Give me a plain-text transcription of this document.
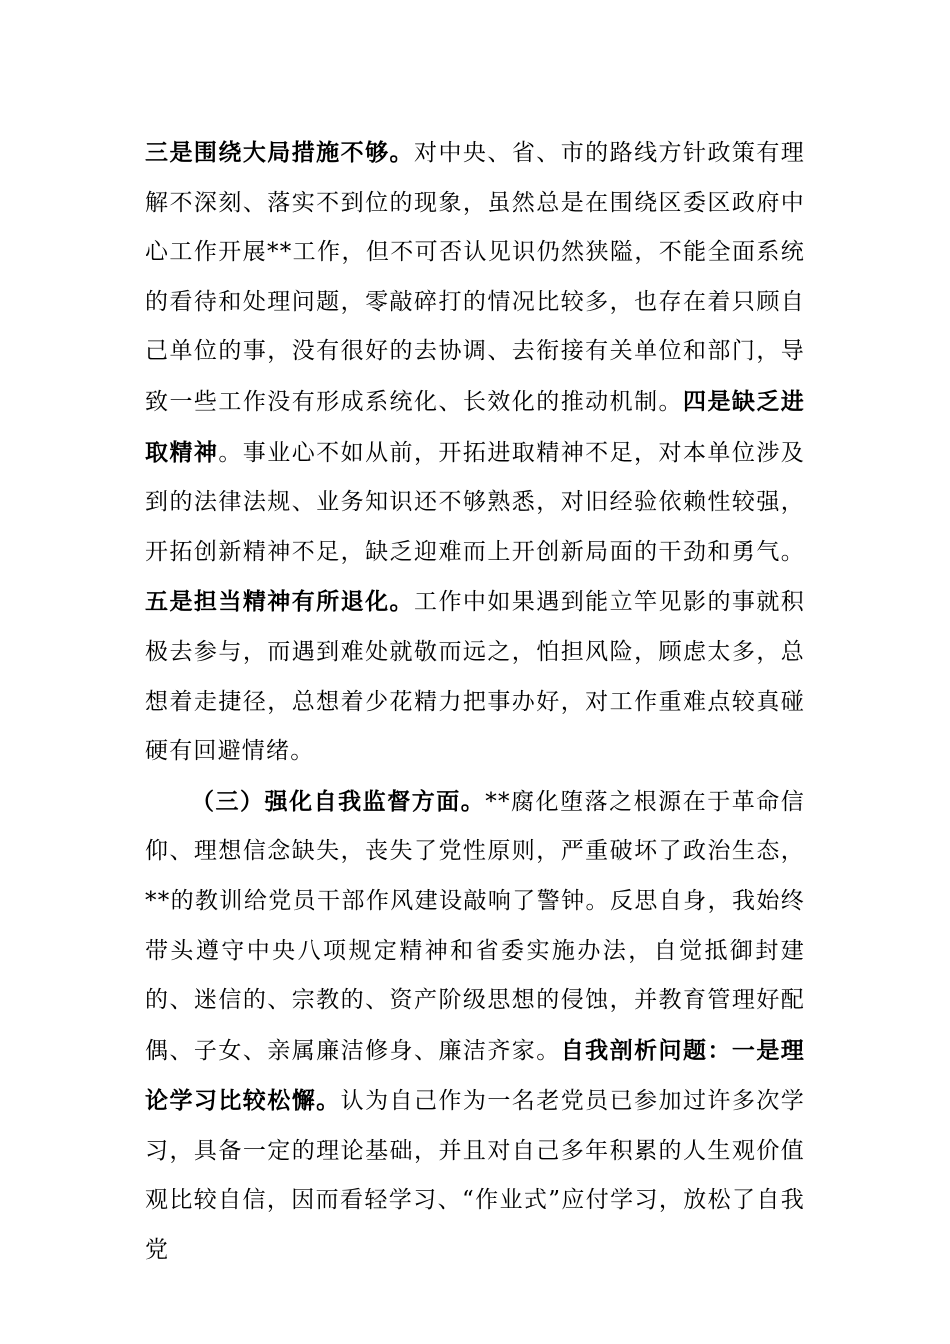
三是围绕大局措施不够。对中央、省、市的路线方针政策有理解不深刻、落实不到位的现象，虽然总是在围绕区委区政府中心工作开展**工作，但不可否认见识仍然狭隘，不能全面系统的看待和处理问题，零敲碎打的情况比较多，也存在着只顾自己单位的事，没有很好的去协调、去衔接有关单位和部门，导致一些工作没有形成系统化、长效化的推动机制。四是缺乏进取精神。事业心不如从前，开拓进取精神不足，对本单位涉及到的法律法规、业务知识还不够熟悉，对旧经验依赖性较强，开拓创新精神不足，缺乏迎难而上开创新局面的干劲和勇气。五是担当精神有所退化。工作中如果遇到能立竿见影的事就积极去参与，而遇到难处就敬而远之，怕担风险，顾虑太多，总想着走捷径，总想着少花精力把事办好，对工作重难点较真碰硬有回避情绪。

（三）强化自我监督方面。**腐化堕落之根源在于革命信仰、理想信念缺失，丧失了党性原则，严重破坏了政治生态，**的教训给党员干部作风建设敲响了警钟。反思自身，我始终带头遵守中央八项规定精神和省委实施办法，自觉抵御封建的、迷信的、宗教的、资产阶级思想的侵蚀，并教育管理好配偶、子女、亲属廉洁修身、廉洁齐家。自我剖析问题：一是理论学习比较松懈。认为自己作为一名老党员已参加过许多次学习，具备一定的理论基础，并且对自己多年积累的人生观价值观比较自信，因而看轻学习、“作业式”应付学习，放松了自我党
